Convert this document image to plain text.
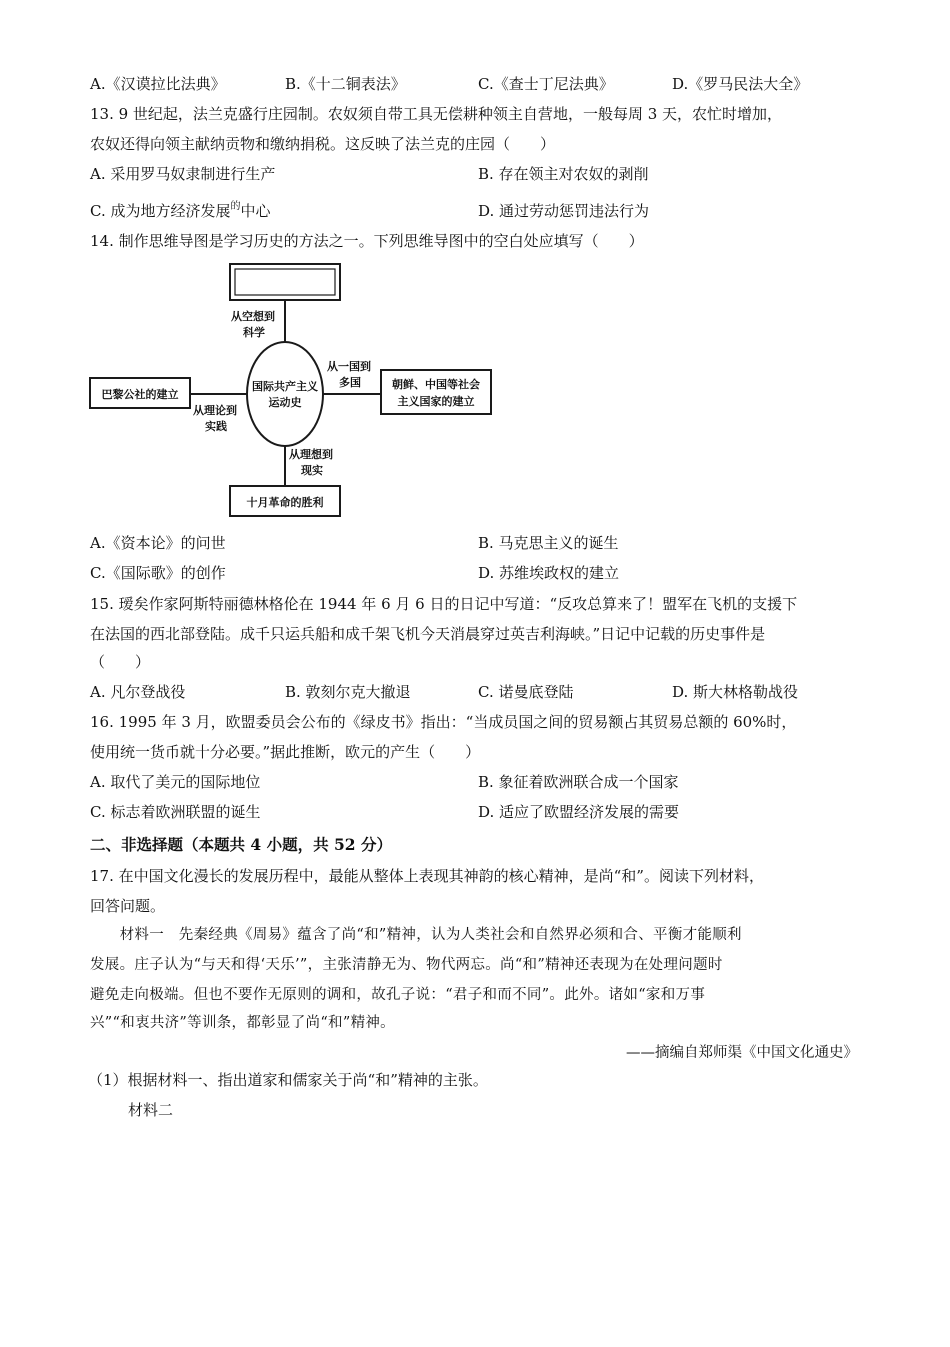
A.《汉谟拉比法典》	B.《十二铜表法》	C.《查士丁尼法典》	D.《罗马民法大全》
13. 9 世纪起，法兰克盛行庄园制。农奴须自带工具无偿耕种领主自营地，一般每周 3 天，农忙时增加，
农奴还得向领主献纳贡物和缴纳捐税。这反映了法兰克的庄园（　　）
A. 采用罗马奴隶制进行生产	B. 存在领主对农奴的剥削
C. 成为地方经济发展$^的$中心	D. 通过劳动惩罚违法行为
14. 制作思维导图是学习历史的方法之一。下列思维导图中的空白处应填写（　　）
国际共产主义
运动史
从空想到
科学
巴黎公社的建立
从理论到
实践
从一国到
多国	朝鲜、中国等社会
主义国家的建立
从理想到
现实
十月革命的胜利
A.《资本论》的问世	B. 马克思主义的诞生
C.《国际歌》的创作	D. 苏维埃政权的建立
15. 瑷矣作家阿斯特丽德林格伦在 1944 年 6 月 6 日的日记中写道：“反攻总算来了！盟军在飞机的支援下
在法国的西北部登陆。成千只运兵船和成千架飞机今天消晨穿过英吉利海峡。”日记中记载的历史事件是
（　　）
A. 凡尔登战役	B. 敦刻尔克大撤退	C. 诺曼底登陆	D. 斯大林格勒战役
16. 1995 年 3 月，欧盟委员会公布的《绿皮书》指出：“当成员国之间的贸易额占其贸易总额的 60%时，
使用统一货币就十分必要。”据此推断，欧元的产生（　　）
A. 取代了美元的国际地位	B. 象征着欧洲联合成一个国家
C. 标志着欧洲联盟的诞生	D. 适应了欧盟经济发展的需要
二、非选择题（本题共 4 小题，共 52 分）
17. 在中国文化漫长的发展历程中，最能从整体上表现其神韵的核心精神，是尚“和”。阅读下列材料，
回答问题。
　　材料一　先秦经典《周易》蕴含了尚“和”精神，认为人类社会和自然界必须和合、平衡才能顺利
发展。庄子认为“与天和得‘天乐’”，主张清静无为、物代两忘。尚“和”精神还表现为在处理问题时
避免走向极端。但也不要作无原则的调和，故孔子说：“君子和而不同”。此外。诸如“家和万事
兴”“和衷共济”等训条，都彰显了尚“和”精神。
——摘编自郑师渠《中国文化通史》
（1）根据材料一、指出道家和儒家关于尚“和”精神的主张。
材料二
